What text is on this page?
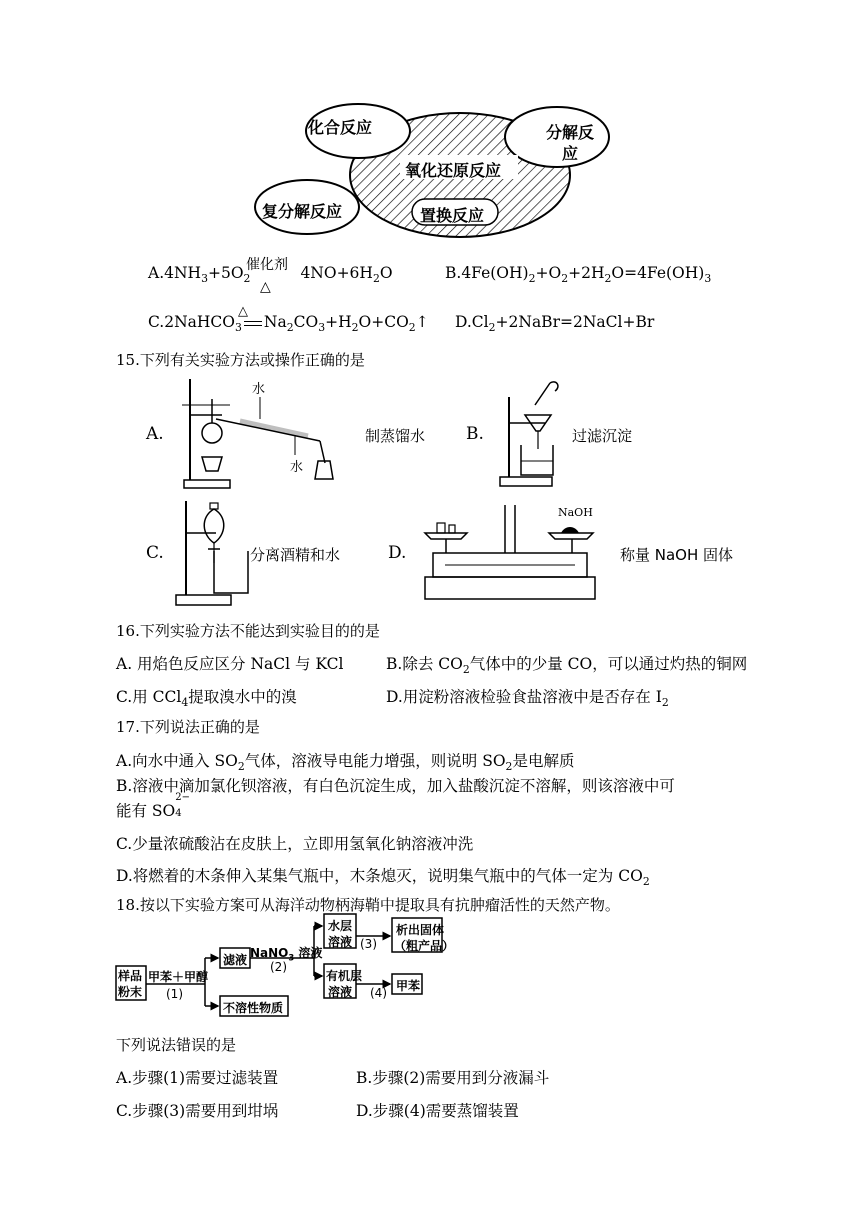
化合反应	分解反
应
氧化还原反应
复分解反应	置换反应
$A.4NH_3+5O_2$	$4NO+6H_2O$
催化剂
△
$B.4Fe(OH)_2+O_2+2H_2O=4Fe(OH)_3$
C.2NaHCO$_3$ $Na_2CO_3+H_2O+CO_2↑$
△
$D.Cl_2+2NaBr=2NaCl+Br$
15.下列有关实验方法或操作正确的是
A.
水
水
制蒸馏水 B.	过滤沉淀
C.	分离酒精和水	D.
NaOH
称量 NaOH 固体
16.下列实验方法不能达到实验目的的是
A. 用焰色反应区分 NaCl 与 KCl	B.除去 $CO_2$气体中的少量 CO，可以通过灼热的铜网
C.用 CCl$_4$提取溴水中的溴	D.用淀粉溶液检验食盐溶液中是否存在 $I_2$
17.下列说法正确的是
A.向水中通入 $SO_2$气体，溶液导电能力增强，则说明 $SO_2$是电解质
B.溶液中滴加氯化钡溶液，有白色沉淀生成，加入盐酸沉淀不溶解，则该溶液中可
能有 SO
2−
4
C.少量浓硫酸沾在皮肤上，立即用氢氧化钠溶液冲洗
D.将燃着的木条伸入某集气瓶中，木条熄灭，说明集气瓶中的气体一定为 $CO_2$
18.按以下实验方案可从海洋动物柄海鞘中提取具有抗肿瘤活性的天然产物。
样品
粉末
甲苯＋甲醇
(1)
滤液
不溶性物质
NaNO$_3$ 溶液
(2)
水层
溶液 (3)
析出固体
（粗产品）
有机层
溶液 (4) 甲苯
下列说法错误的是
A.步骤(1)需要过滤装置	B.步骤(2)需要用到分液漏斗
C.步骤(3)需要用到坩埚	D.步骤(4)需要蒸馏装置
